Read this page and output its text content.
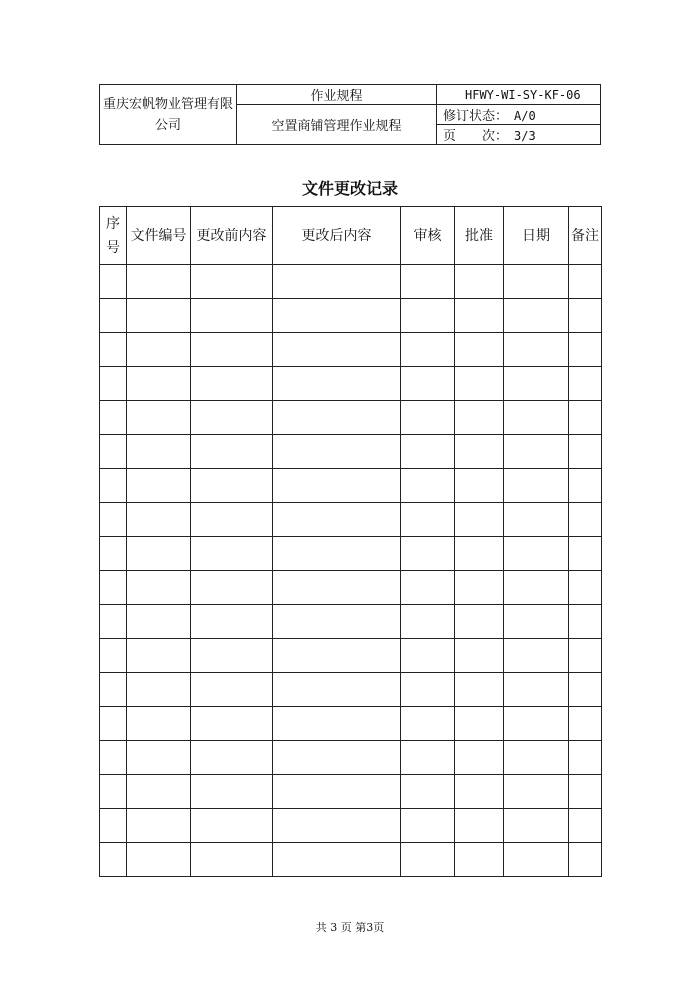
重庆宏帆物业管理有限公司	作业规程	HFWY-WI-SY-KF-06
	空置商铺管理作业规程	修订状态： A/0
		页　　次： 3/3
文件更改记录
序号	文件编号	更改前内容	更改后内容	审核	批准	日期	备注

共 3 页 第3页
